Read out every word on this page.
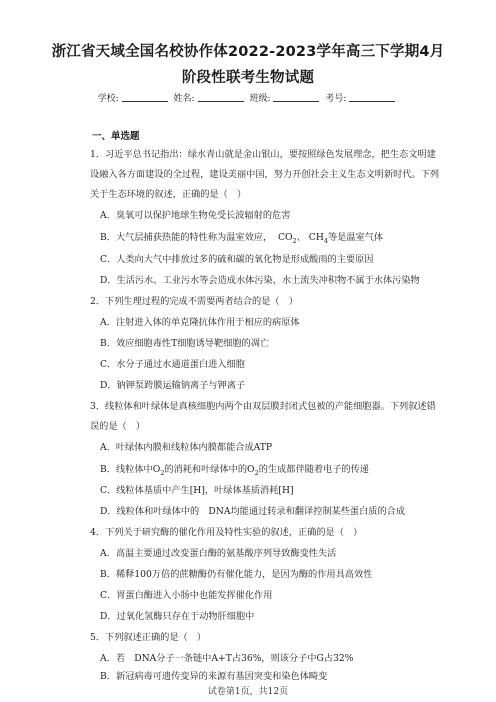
浙江省天域全国名校协作体2022-2023学年高三下学期4月
阶段性联考生物试题
学校:	姓名:	班级:	考号:
一、单选题
1．习近平总书记指出：绿水青山就是金山银山，要按照绿色发展理念，把生态文明建
设融入各方面建设的全过程，建设美丽中国，努力开创社会主义生态文明新时代。下列
关于生态环境的叙述，正确的是（　）
A．臭氧可以保护地球生物免受长波辐射的危害
B．大气层捕获热能的特性称为温室效应， $CO_2$、 $CH_4$等是温室气体
C．人类向大气中排放过多的硫和碳的氧化物是形成酸雨的主要原因
D．生活污水、工业污水等会造成水体污染，水土流失冲积物不属于水体污染物
2．下列生理过程的完成不需要两者结合的是（　）
A．注射进入体的单克隆抗体作用于相应的病原体
B．效应细胞毒性T细胞诱导靶细胞的凋亡
C．水分子通过水通道蛋白进入细胞
D．钠钾泵跨膜运输钠离子与钾离子
3．线粒体和叶绿体是真核细胞内两个由双层膜封闭式包被的产能细胞器。下列叙述错
误的是（　）
A．叶绿体内膜和线粒体内膜都能合成ATP
B．线粒体中$O_2$的消耗和叶绿体中的$O_2$的生成都伴随着电子的传递
C．线粒体基质中产生[H]，叶绿体基质消耗[H]
D．线粒体和叶绿体中的　DNA均能通过转录和翻译控制某些蛋白质的合成
4．下列关于研究酶的催化作用及特性实验的叙述，正确的是（　）
A．高温主要通过改变蛋白酶的氨基酸序列导致酶变性失活
B．稀释100万倍的蔗糖酶仍有催化能力，是因为酶的作用具高效性
C．胃蛋白酶进入小肠中也能发挥催化作用
D．过氧化氢酶只存在于动物肝细胞中
5．下列叙述正确的是（　）
A．若　DNA分子一条链中A+T占36%，则该分子中G占32%
B．新冠病毒可遗传变异的来源有基因突变和染色体畸变
试卷第1页，共12页
